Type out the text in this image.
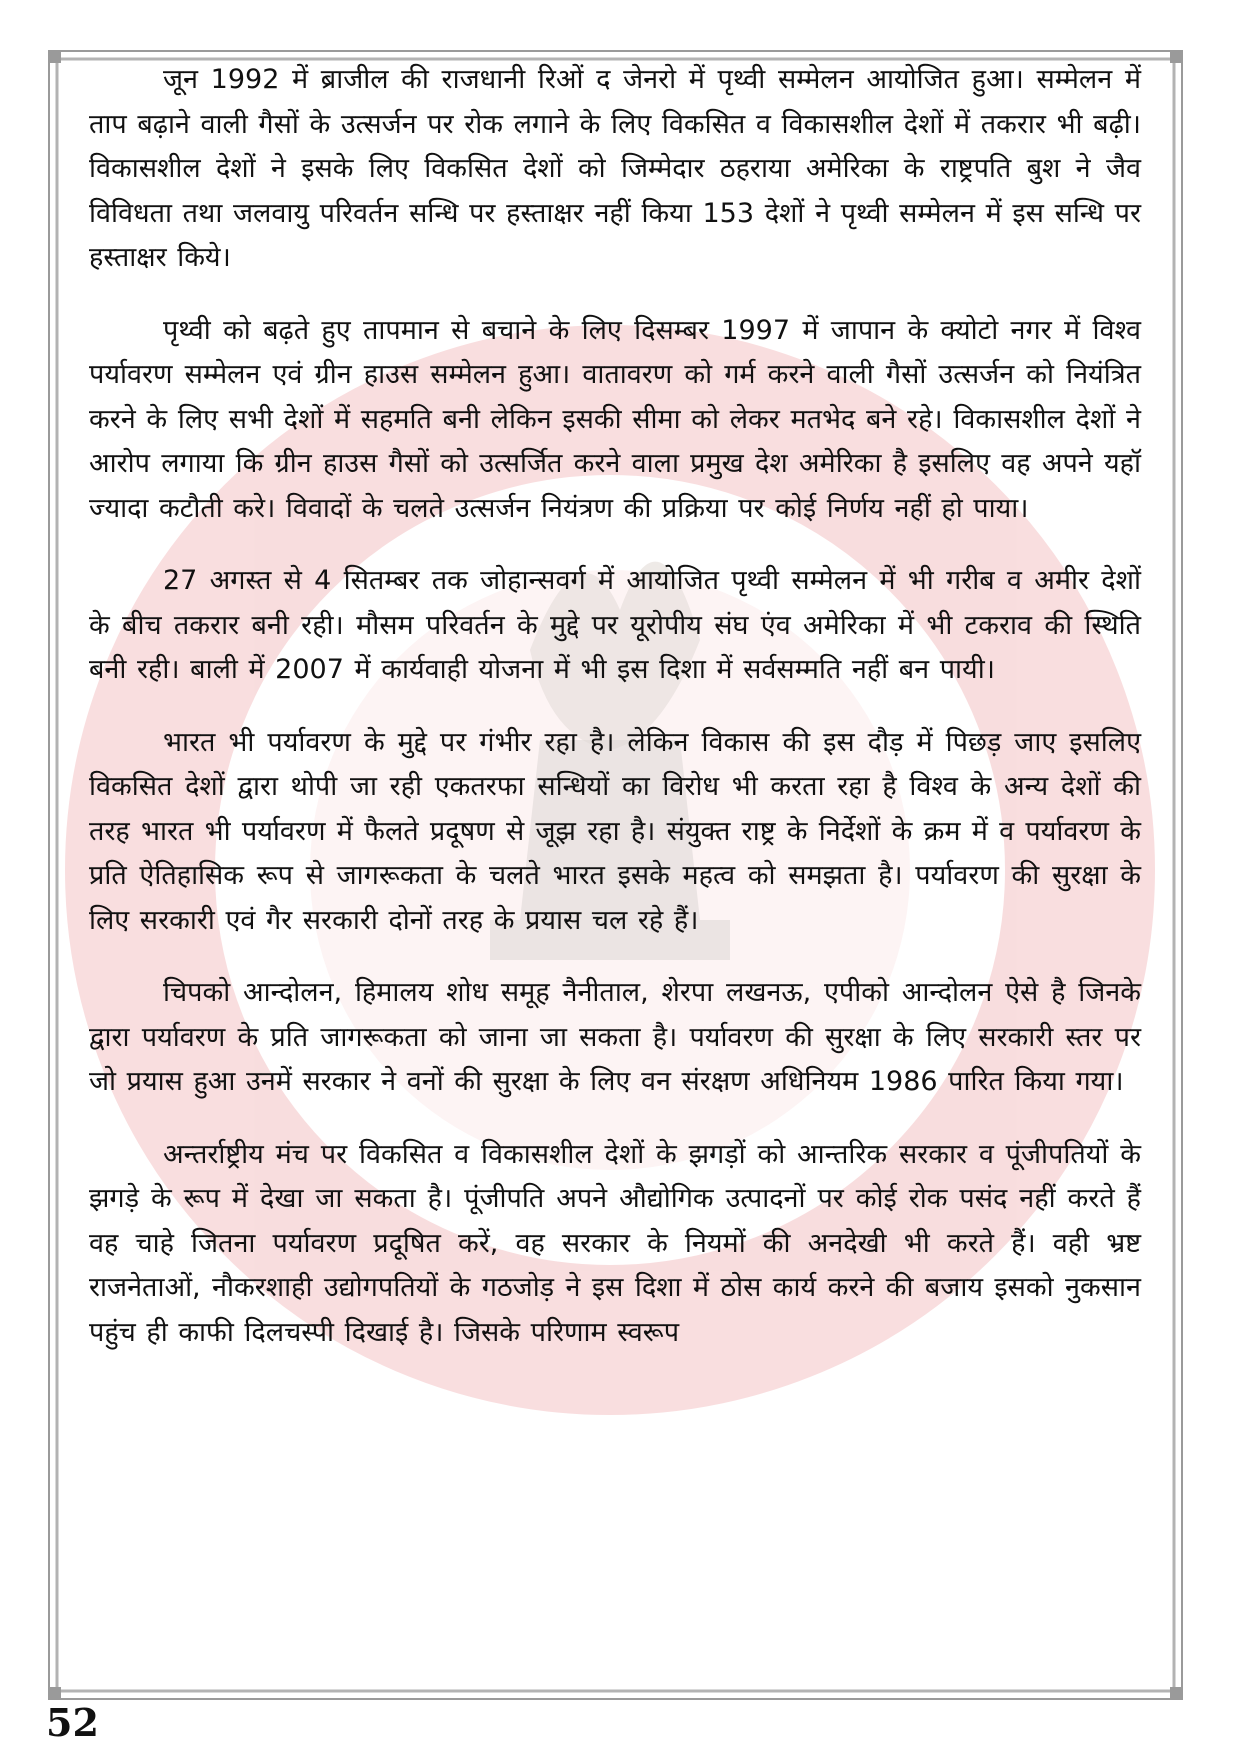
जून 1992 में ब्राजील की राजधानी रिओं द जेनरो में पृथ्वी सम्मेलन आयोजित हुआ। सम्मेलन में ताप बढ़ाने वाली गैसों के उत्सर्जन पर रोक लगाने के लिए विकसित व विकासशील देशों में तकरार भी बढ़ी। विकासशील देशों ने इसके लिए विकसित देशों को जिम्मेदार ठहराया अमेरिका के राष्ट्रपति बुश ने जैव विविधता तथा जलवायु परिवर्तन सन्धि पर हस्ताक्षर नहीं किया 153 देशों ने पृथ्वी सम्मेलन में इस सन्धि पर हस्ताक्षर किये।

पृथ्वी को बढ़ते हुए तापमान से बचाने के लिए दिसम्बर 1997 में जापान के क्योटो नगर में विश्व पर्यावरण सम्मेलन एवं ग्रीन हाउस सम्मेलन हुआ। वातावरण को गर्म करने वाली गैसों उत्सर्जन को नियंत्रित करने के लिए सभी देशों में सहमति बनी लेकिन इसकी सीमा को लेकर मतभेद बने रहे। विकासशील देशों ने आरोप लगाया कि ग्रीन हाउस गैसों को उत्सर्जित करने वाला प्रमुख देश अमेरिका है इसलिए वह अपने यहॉ ज्यादा कटौती करे। विवादों के चलते उत्सर्जन नियंत्रण की प्रक्रिया पर कोई निर्णय नहीं हो पाया।

27 अगस्त से 4 सितम्बर तक जोहान्सवर्ग में आयोजित पृथ्वी सम्मेलन में भी गरीब व अमीर देशों के बीच तकरार बनी रही। मौसम परिवर्तन के मुद्दे पर यूरोपीय संघ एंव अमेरिका में भी टकराव की स्थिति बनी रही। बाली में 2007 में कार्यवाही योजना में भी इस दिशा में सर्वसम्मति नहीं बन पायी।

भारत भी पर्यावरण के मुद्दे पर गंभीर रहा है। लेकिन विकास की इस दौड़ में पिछड़ जाए इसलिए विकसित देशों द्वारा थोपी जा रही एकतरफा सन्धियों का विरोध भी करता रहा है विश्व के अन्य देशों की तरह भारत भी पर्यावरण में फैलते प्रदूषण से जूझ रहा है। संयुक्त राष्ट्र के निर्देशों के क्रम में व पर्यावरण के प्रति ऐतिहासिक रूप से जागरूकता के चलते भारत इसके महत्व को समझता है। पर्यावरण की सुरक्षा के लिए सरकारी एवं गैर सरकारी दोनों तरह के प्रयास चल रहे हैं।

चिपको आन्दोलन, हिमालय शोध समूह नैनीताल, शेरपा लखनऊ, एपीको आन्दोलन ऐसे है जिनके द्वारा पर्यावरण के प्रति जागरूकता को जाना जा सकता है। पर्यावरण की सुरक्षा के लिए सरकारी स्तर पर जो प्रयास हुआ उनमें सरकार ने वनों की सुरक्षा के लिए वन संरक्षण अधिनियम 1986 पारित किया गया।

अन्तर्राष्ट्रीय मंच पर विकसित व विकासशील देशों के झगड़ों को आन्तरिक सरकार व पूंजीपतियों के झगड़े के रूप में देखा जा सकता है। पूंजीपति अपने औद्योगिक उत्पादनों पर कोई रोक पसंद नहीं करते हैं वह चाहे जितना पर्यावरण प्रदूषित करें, वह सरकार के नियमों की अनदेखी भी करते हैं। वही भ्रष्ट राजनेताओं, नौकरशाही उद्योगपतियों के गठजोड़ ने इस दिशा में ठोस कार्य करने की बजाय इसको नुकसान पहुंच ही काफी दिलचस्पी दिखाई है। जिसके परिणाम स्वरूप

52
